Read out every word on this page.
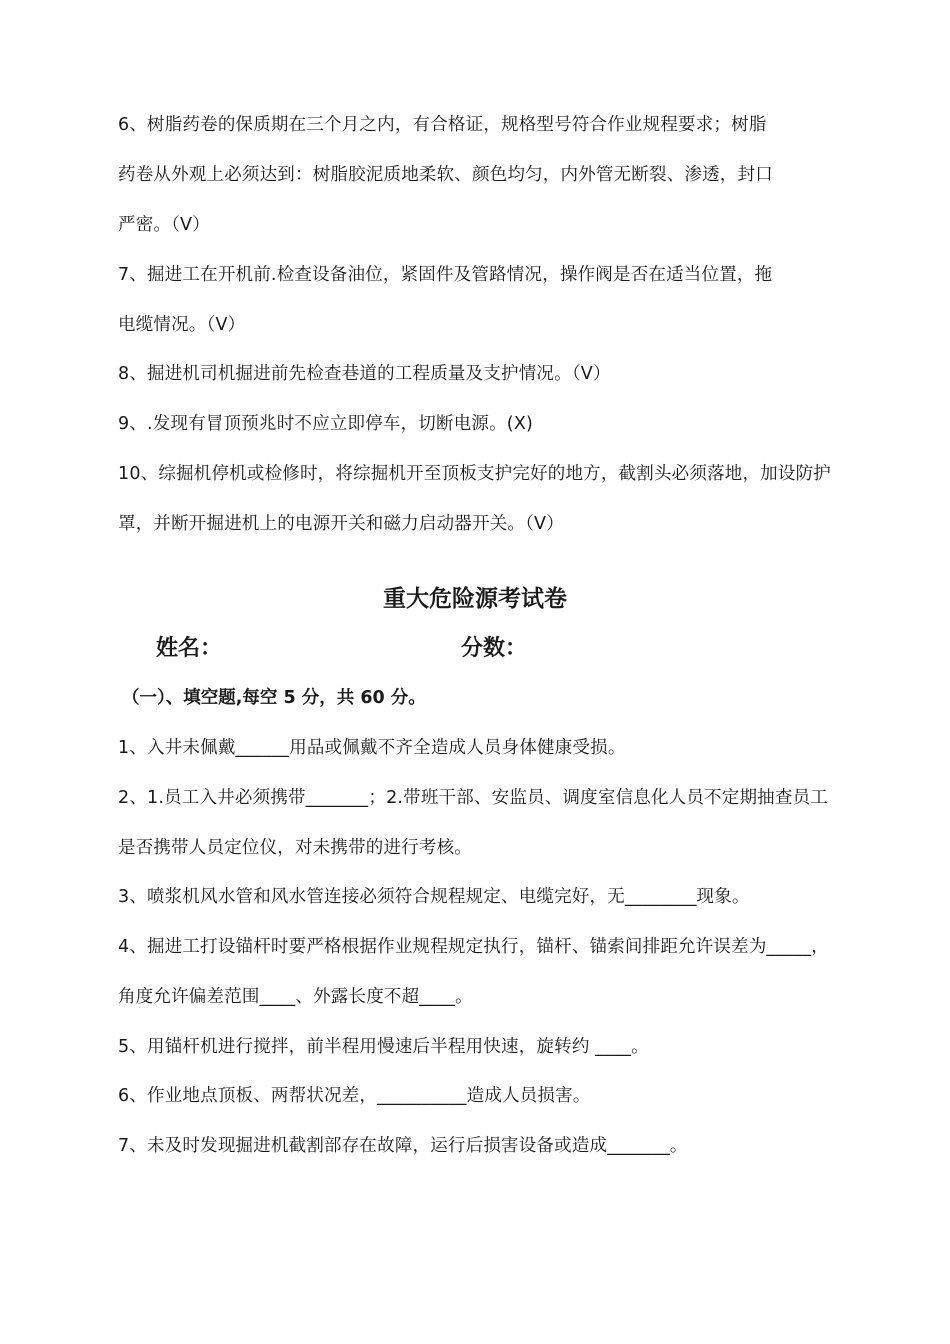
6、树脂药卷的保质期在三个月之内，有合格证，规格型号符合作业规程要求；树脂
药卷从外观上必须达到：树脂胶泥质地柔软、颜色均匀，内外管无断裂、渗透，封口
严密。（V）
7、掘进工在开机前.检查设备油位，紧固件及管路情况，操作阀是否在适当位置，拖
电缆情况。（V）
8、掘进机司机掘进前先检查巷道的工程质量及支护情况。（V）
9、.发现有冒顶预兆时不应立即停车，切断电源。(X)
10、综掘机停机或检修时，将综掘机开至顶板支护完好的地方，截割头必须落地，加设防护
罩，并断开掘进机上的电源开关和磁力启动器开关。（V）
重大危险源考试卷
姓名：	分数：
（一）、填空题,每空 5 分，共 60 分。
1、入井未佩戴______用品或佩戴不齐全造成人员身体健康受损。
2、1.员工入井必须携带_______；2.带班干部、安监员、调度室信息化人员不定期抽查员工
是否携带人员定位仪，对未携带的进行考核。
3、喷浆机风水管和风水管连接必须符合规程规定、电缆完好，无________现象。
4、掘进工打设锚杆时要严格根据作业规程规定执行，锚杆、锚索间排距允许误差为_____，
角度允许偏差范围____、外露长度不超____。
5、用锚杆机进行搅拌，前半程用慢速后半程用快速，旋转约 ____。
6、作业地点顶板、两帮状况差，__________造成人员损害。
7、未及时发现掘进机截割部存在故障，运行后损害设备或造成_______。
